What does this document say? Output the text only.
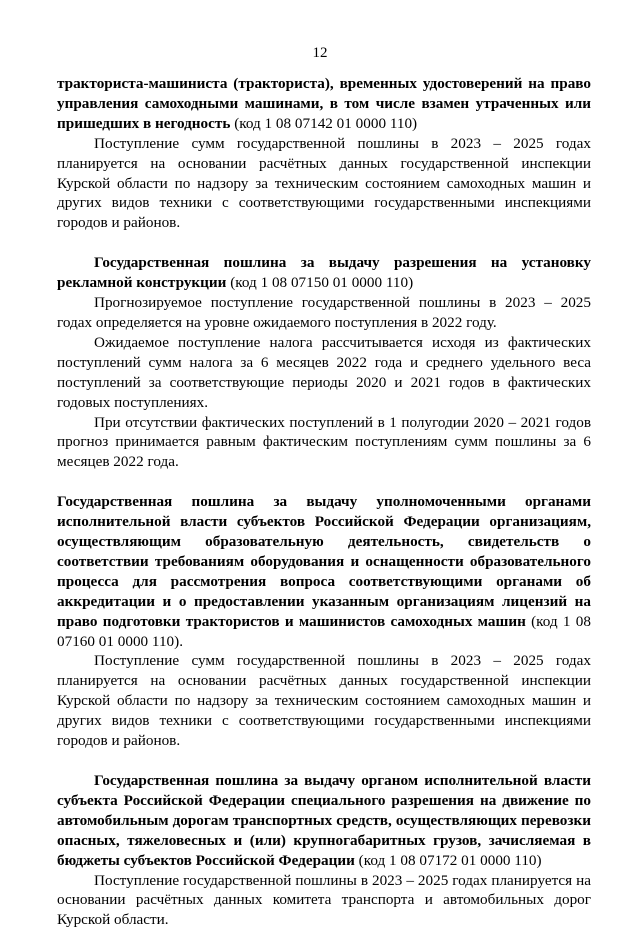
12

тракториста-машиниста (тракториста), временных удостоверений на право управления самоходными машинами, в том числе взамен утраченных или пришедших в негодность (код 1 08 07142 01 0000 110)

Поступление сумм государственной пошлины в 2023 – 2025 годах планируется на основании расчётных данных государственной инспекции Курской области по надзору за техническим состоянием самоходных машин и других видов техники с соответствующими государственными инспекциями городов и районов.

Государственная пошлина за выдачу разрешения на установку рекламной конструкции (код 1 08 07150 01 0000 110)

Прогнозируемое поступление государственной пошлины в 2023 – 2025 годах определяется на уровне ожидаемого поступления в 2022 году.

Ожидаемое поступление налога рассчитывается исходя из фактических поступлений сумм налога за 6 месяцев 2022 года и среднего удельного веса поступлений за соответствующие периоды 2020 и 2021 годов в фактических годовых поступлениях.

При отсутствии фактических поступлений в 1 полугодии 2020 – 2021 годов прогноз принимается равным фактическим поступлениям сумм пошлины за 6 месяцев 2022 года.

Государственная пошлина за выдачу уполномоченными органами исполнительной власти субъектов Российской Федерации организациям, осуществляющим образовательную деятельность, свидетельств о соответствии требованиям оборудования и оснащенности образовательного процесса для рассмотрения вопроса соответствующими органами об аккредитации и о предоставлении указанным организациям лицензий на право подготовки трактористов и машинистов самоходных машин (код 1 08 07160 01 0000 110).

Поступление сумм государственной пошлины в 2023 – 2025 годах планируется на основании расчётных данных государственной инспекции Курской области по надзору за техническим состоянием самоходных машин и других видов техники с соответствующими государственными инспекциями городов и районов.

Государственная пошлина за выдачу органом исполнительной власти субъекта Российской Федерации специального разрешения на движение по автомобильным дорогам транспортных средств, осуществляющих перевозки опасных, тяжеловесных и (или) крупногабаритных грузов, зачисляемая в бюджеты субъектов Российской Федерации (код 1 08 07172 01 0000 110)

Поступление государственной пошлины в 2023 – 2025 годах планируется на основании расчётных данных комитета транспорта и автомобильных дорог Курской области.
